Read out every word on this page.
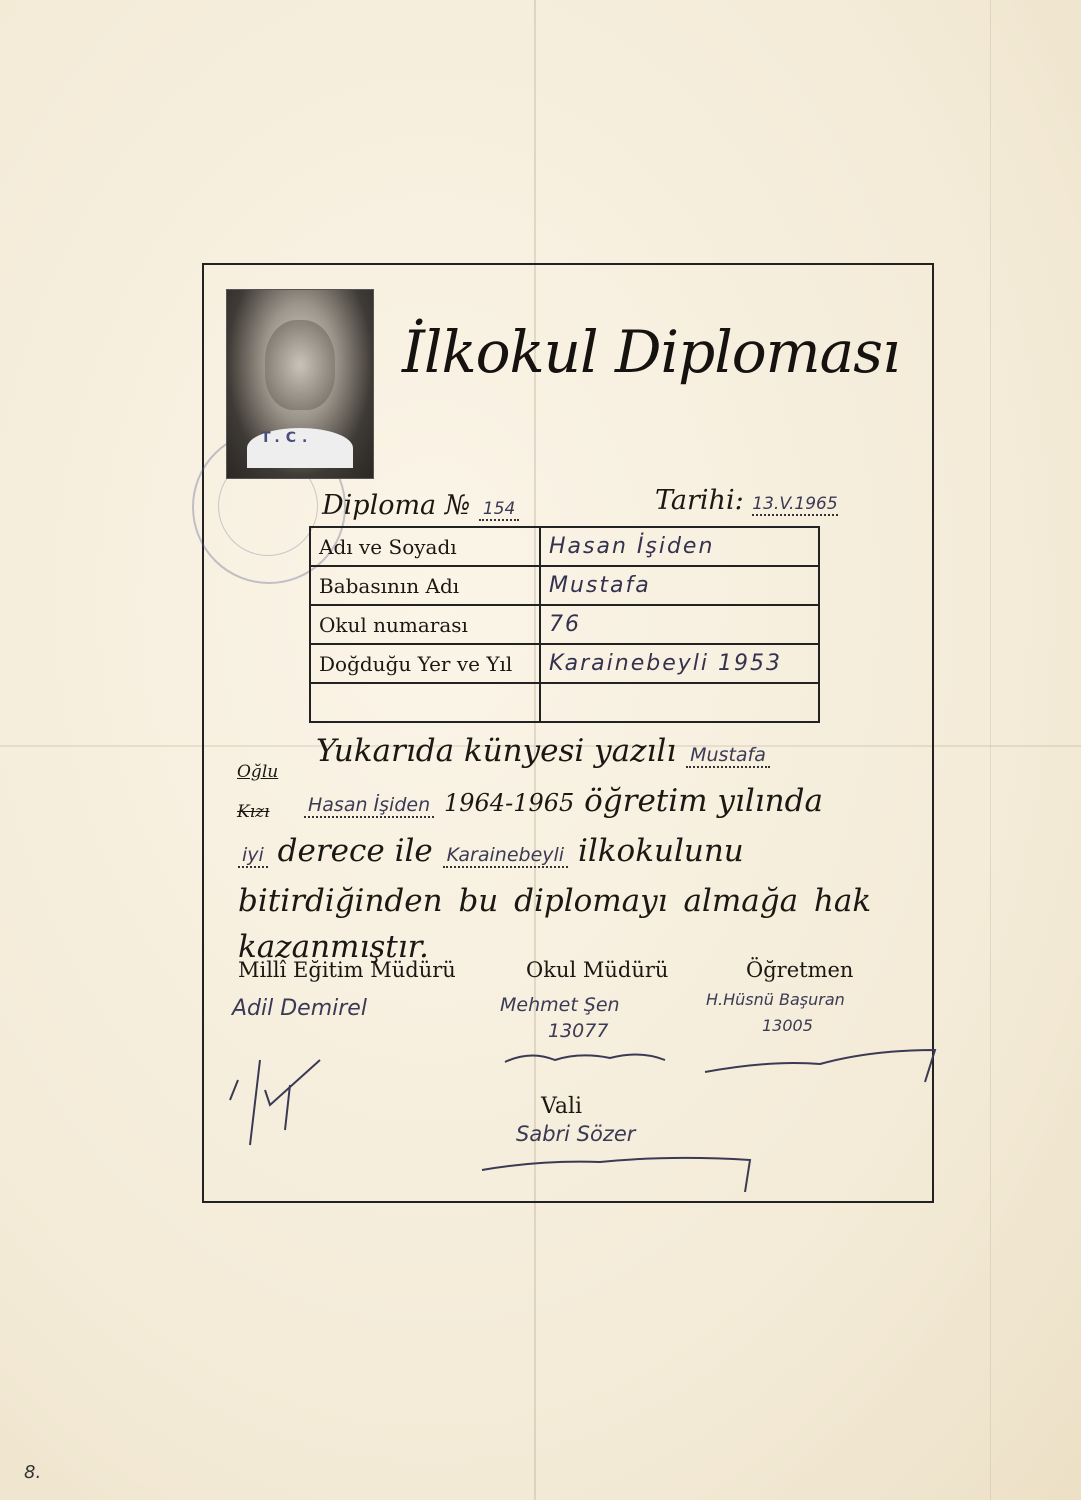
T.C.
İlkokul Diploması
Diploma № 154	Tarihi: 13.V.1965
Adı ve Soyadı	Hasan İşiden
Babasının Adı	Mustafa
Okul numarası	76
Doğduğu Yer ve Yıl	Karainebeyli 1953

Oğlu
Kızı
Yukarıda künyesi yazılı Mustafa
Hasan İşiden 1964-1965 öğretim yılında
iyi derece ile Karainebeyli ilkokulunu
bitirdiğinden bu diplomayı almağa hak
kazanmıştır.
Millî Eğitim Müdürü	Okul Müdürü	Öğretmen
Adil Demirel	Mehmet Şen
13077
H.Hüsnü Başuran
13005
Vali
Sabri Sözer
8.
